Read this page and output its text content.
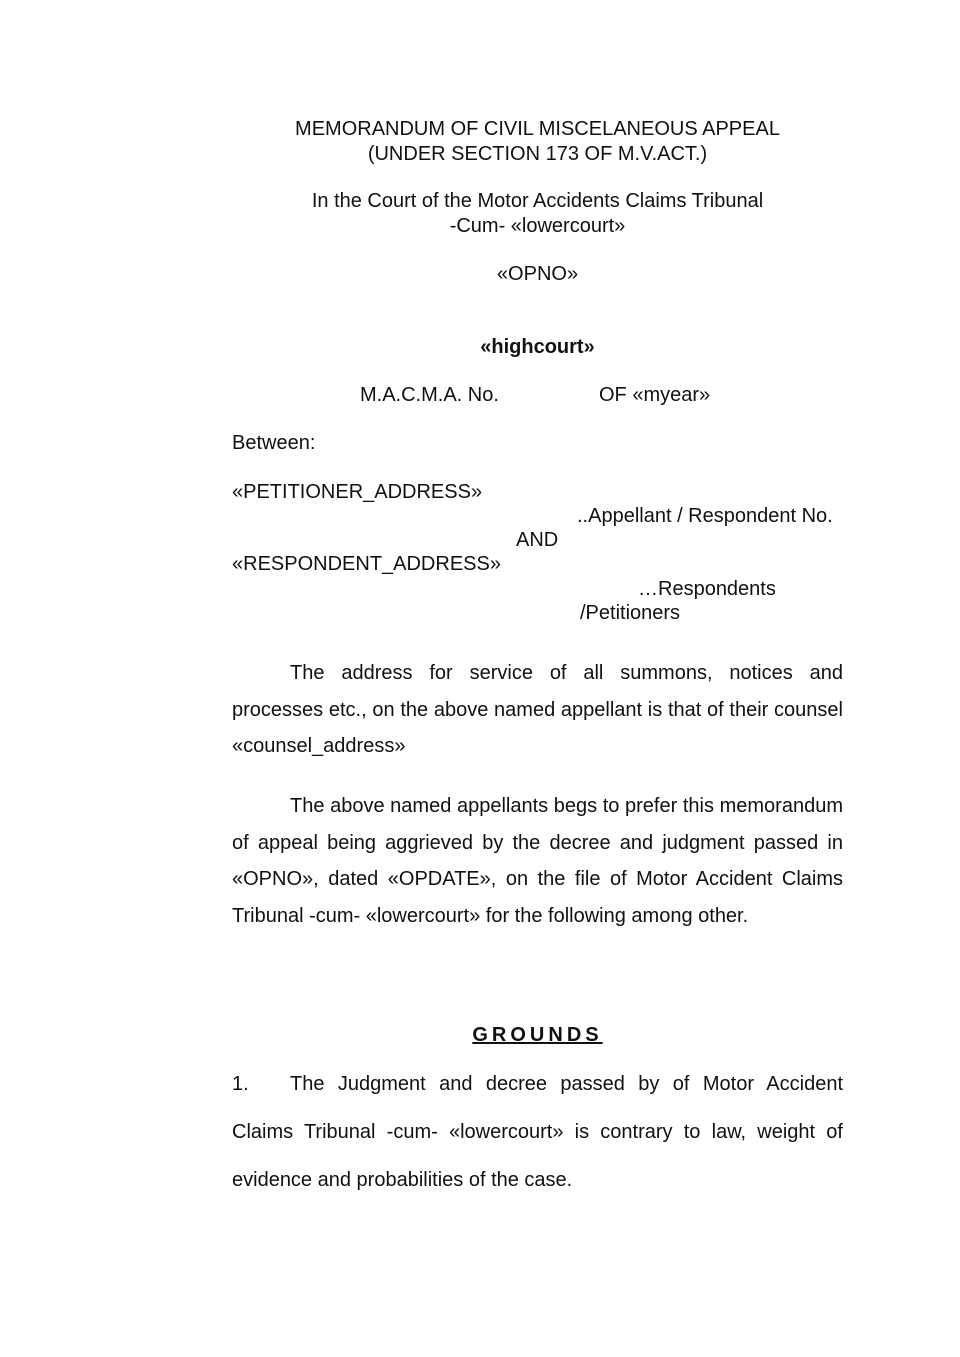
MEMORANDUM OF CIVIL MISCELANEOUS APPEAL
(UNDER SECTION 173 OF M.V.ACT.)
In the Court of the Motor Accidents Claims Tribunal
-Cum- «lowercourt»
«OPNO»
«highcourt»
M.A.C.M.A. No.	OF «myear»
Between:
«PETITIONER_ADDRESS»
..Appellant / Respondent No.
AND
«RESPONDENT_ADDRESS»
…Respondents
/Petitioners
The address for service of all summons, notices and processes etc., on the above named appellant is that of their counsel «counsel_address»
The above named appellants begs to prefer this memorandum of appeal being aggrieved by the decree and judgment passed in «OPNO», dated «OPDATE», on the file of Motor Accident Claims Tribunal -cum- «lowercourt» for the following among other.
GROUNDS
1. The Judgment and decree passed by of Motor Accident Claims Tribunal -cum- «lowercourt» is contrary to law, weight of evidence and probabilities of the case.
